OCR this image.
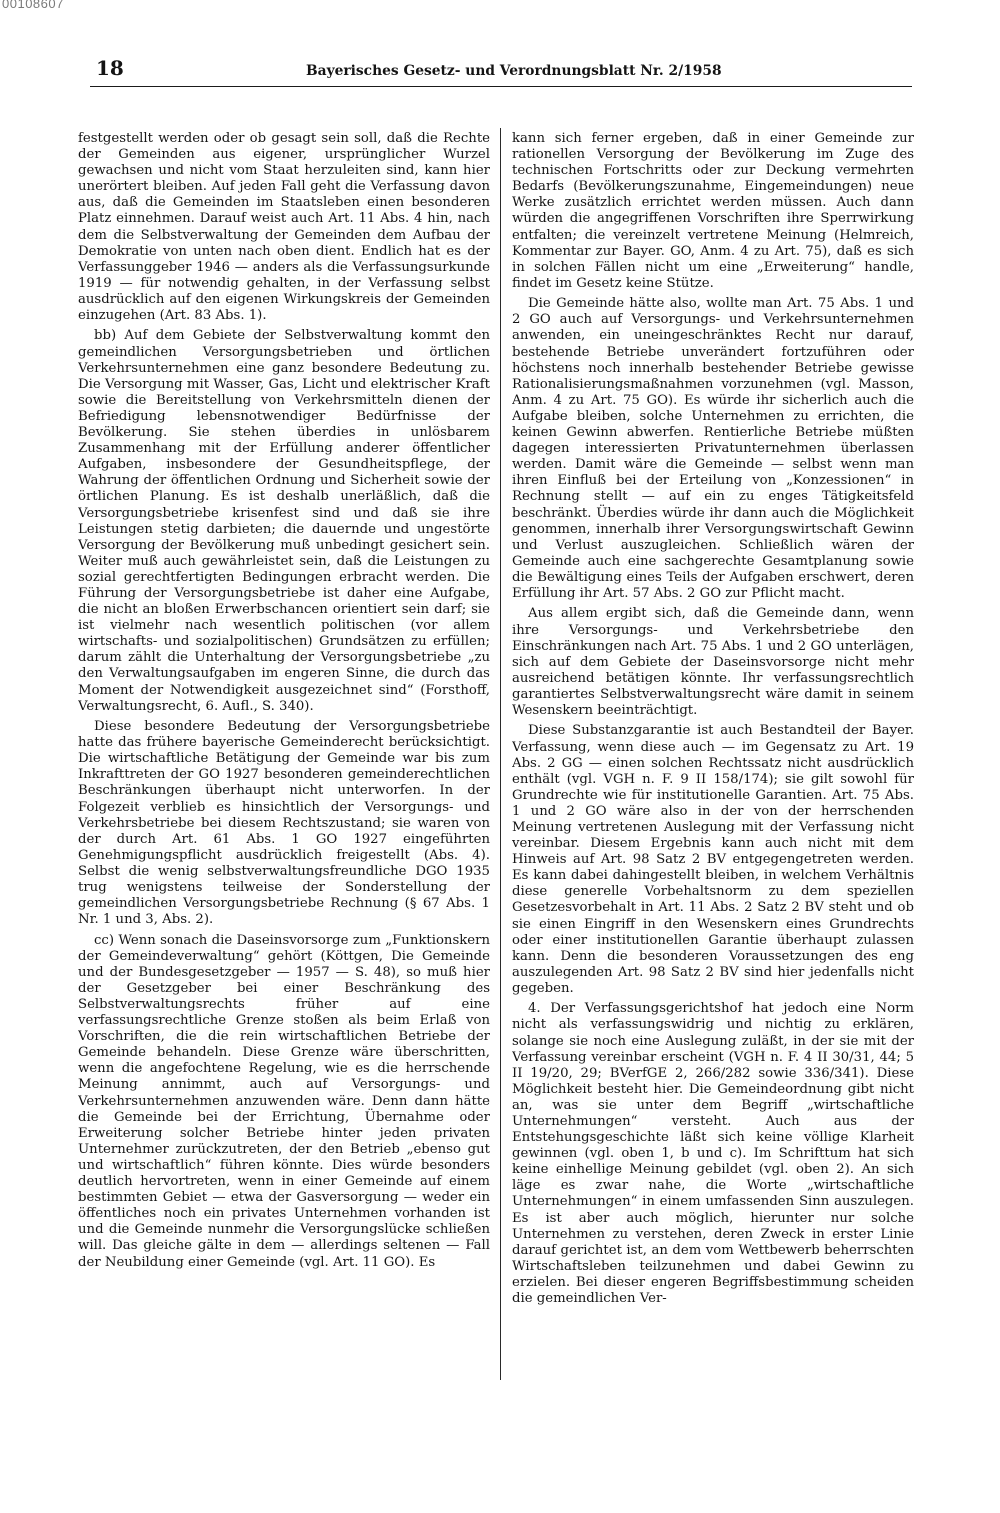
00108607
18	Bayerisches Gesetz- und Verordnungsblatt Nr. 2/1958

festgestellt werden oder ob gesagt sein soll, daß die Rechte der Gemeinden aus eigener, ursprünglicher Wurzel gewachsen und nicht vom Staat herzuleiten sind, kann hier unerörtert bleiben. Auf jeden Fall geht die Verfassung davon aus, daß die Gemeinden im Staatsleben einen besonderen Platz einnehmen. Darauf weist auch Art. 11 Abs. 4 hin, nach dem die Selbstverwaltung der Gemeinden dem Aufbau der Demokratie von unten nach oben dient. Endlich hat es der Verfassunggeber 1946 — anders als die Verfassungsurkunde 1919 — für notwendig gehalten, in der Verfassung selbst ausdrücklich auf den eigenen Wirkungskreis der Gemeinden einzugehen (Art. 83 Abs. 1).

bb) Auf dem Gebiete der Selbstverwaltung kommt den gemeindlichen Versorgungsbetrieben und örtlichen Verkehrsunternehmen eine ganz besondere Bedeutung zu. Die Versorgung mit Wasser, Gas, Licht und elektrischer Kraft sowie die Bereitstellung von Verkehrsmitteln dienen der Befriedigung lebensnotwendiger Bedürfnisse der Bevölkerung. Sie stehen überdies in unlösbarem Zusammenhang mit der Erfüllung anderer öffentlicher Aufgaben, insbesondere der Gesundheitspflege, der Wahrung der öffentlichen Ordnung und Sicherheit sowie der örtlichen Planung. Es ist deshalb unerläßlich, daß die Versorgungsbetriebe krisenfest sind und daß sie ihre Leistungen stetig darbieten; die dauernde und ungestörte Versorgung der Bevölkerung muß unbedingt gesichert sein. Weiter muß auch gewährleistet sein, daß die Leistungen zu sozial gerechtfertigten Bedingungen erbracht werden. Die Führung der Versorgungsbetriebe ist daher eine Aufgabe, die nicht an bloßen Erwerbschancen orientiert sein darf; sie ist vielmehr nach wesentlich politischen (vor allem wirtschafts- und sozialpolitischen) Grundsätzen zu erfüllen; darum zählt die Unterhaltung der Versorgungsbetriebe „zu den Verwaltungsaufgaben im engeren Sinne, die durch das Moment der Notwendigkeit ausgezeichnet sind“ (Forsthoff, Verwaltungsrecht, 6. Aufl., S. 340).

Diese besondere Bedeutung der Versorgungsbetriebe hatte das frühere bayerische Gemeinderecht berücksichtigt. Die wirtschaftliche Betätigung der Gemeinde war bis zum Inkrafttreten der GO 1927 besonderen gemeinderechtlichen Beschränkungen überhaupt nicht unterworfen. In der Folgezeit verblieb es hinsichtlich der Versorgungs- und Verkehrsbetriebe bei diesem Rechtszustand; sie waren von der durch Art. 61 Abs. 1 GO 1927 eingeführten Genehmigungspflicht ausdrücklich freigestellt (Abs. 4). Selbst die wenig selbstverwaltungsfreundliche DGO 1935 trug wenigstens teilweise der Sonderstellung der gemeindlichen Versorgungsbetriebe Rechnung (§ 67 Abs. 1 Nr. 1 und 3, Abs. 2).

cc) Wenn sonach die Daseinsvorsorge zum „Funktionskern der Gemeindeverwaltung“ gehört (Köttgen, Die Gemeinde und der Bundesgesetzgeber — 1957 — S. 48), so muß hier der Gesetzgeber bei einer Beschränkung des Selbstverwaltungsrechts früher auf eine verfassungsrechtliche Grenze stoßen als beim Erlaß von Vorschriften, die die rein wirtschaftlichen Betriebe der Gemeinde behandeln. Diese Grenze wäre überschritten, wenn die angefochtene Regelung, wie es die herrschende Meinung annimmt, auch auf Versorgungs- und Verkehrsunternehmen anzuwenden wäre. Denn dann hätte die Gemeinde bei der Errichtung, Übernahme oder Erweiterung solcher Betriebe hinter jeden privaten Unternehmer zurückzutreten, der den Betrieb „ebenso gut und wirtschaftlich“ führen könnte. Dies würde besonders deutlich hervortreten, wenn in einer Gemeinde auf einem bestimmten Gebiet — etwa der Gasversorgung — weder ein öffentliches noch ein privates Unternehmen vorhanden ist und die Gemeinde nunmehr die Versorgungslücke schließen will. Das gleiche gälte in dem — allerdings seltenen — Fall der Neubildung einer Gemeinde (vgl. Art. 11 GO). Es

kann sich ferner ergeben, daß in einer Gemeinde zur rationellen Versorgung der Bevölkerung im Zuge des technischen Fortschritts oder zur Deckung vermehrten Bedarfs (Bevölkerungszunahme, Eingemeindungen) neue Werke zusätzlich errichtet werden müssen. Auch dann würden die angegriffenen Vorschriften ihre Sperrwirkung entfalten; die vereinzelt vertretene Meinung (Helmreich, Kommentar zur Bayer. GO, Anm. 4 zu Art. 75), daß es sich in solchen Fällen nicht um eine „Erweiterung“ handle, findet im Gesetz keine Stütze.

Die Gemeinde hätte also, wollte man Art. 75 Abs. 1 und 2 GO auch auf Versorgungs- und Verkehrsunternehmen anwenden, ein uneingeschränktes Recht nur darauf, bestehende Betriebe unverändert fortzuführen oder höchstens noch innerhalb bestehender Betriebe gewisse Rationalisierungsmaßnahmen vorzunehmen (vgl. Masson, Anm. 4 zu Art. 75 GO). Es würde ihr sicherlich auch die Aufgabe bleiben, solche Unternehmen zu errichten, die keinen Gewinn abwerfen. Rentierliche Betriebe müßten dagegen interessierten Privatunternehmen überlassen werden. Damit wäre die Gemeinde — selbst wenn man ihren Einfluß bei der Erteilung von „Konzessionen“ in Rechnung stellt — auf ein zu enges Tätigkeitsfeld beschränkt. Überdies würde ihr dann auch die Möglichkeit genommen, innerhalb ihrer Versorgungswirtschaft Gewinn und Verlust auszugleichen. Schließlich wären der Gemeinde auch eine sachgerechte Gesamtplanung sowie die Bewältigung eines Teils der Aufgaben erschwert, deren Erfüllung ihr Art. 57 Abs. 2 GO zur Pflicht macht.

Aus allem ergibt sich, daß die Gemeinde dann, wenn ihre Versorgungs- und Verkehrsbetriebe den Einschränkungen nach Art. 75 Abs. 1 und 2 GO unterlägen, sich auf dem Gebiete der Daseinsvorsorge nicht mehr ausreichend betätigen könnte. Ihr verfassungsrechtlich garantiertes Selbstverwaltungsrecht wäre damit in seinem Wesenskern beeinträchtigt.

Diese Substanzgarantie ist auch Bestandteil der Bayer. Verfassung, wenn diese auch — im Gegensatz zu Art. 19 Abs. 2 GG — einen solchen Rechtssatz nicht ausdrücklich enthält (vgl. VGH n. F. 9 II 158/174); sie gilt sowohl für Grundrechte wie für institutionelle Garantien. Art. 75 Abs. 1 und 2 GO wäre also in der von der herrschenden Meinung vertretenen Auslegung mit der Verfassung nicht vereinbar. Diesem Ergebnis kann auch nicht mit dem Hinweis auf Art. 98 Satz 2 BV entgegengetreten werden. Es kann dabei dahingestellt bleiben, in welchem Verhältnis diese generelle Vorbehaltsnorm zu dem speziellen Gesetzesvorbehalt in Art. 11 Abs. 2 Satz 2 BV steht und ob sie einen Eingriff in den Wesenskern eines Grundrechts oder einer institutionellen Garantie überhaupt zulassen kann. Denn die besonderen Voraussetzungen des eng auszulegenden Art. 98 Satz 2 BV sind hier jedenfalls nicht gegeben.

4. Der Verfassungsgerichtshof hat jedoch eine Norm nicht als verfassungswidrig und nichtig zu erklären, solange sie noch eine Auslegung zuläßt, in der sie mit der Verfassung vereinbar erscheint (VGH n. F. 4 II 30/31, 44; 5 II 19/20, 29; BVerfGE 2, 266/282 sowie 336/341). Diese Möglichkeit besteht hier. Die Gemeindeordnung gibt nicht an, was sie unter dem Begriff „wirtschaftliche Unternehmungen“ versteht. Auch aus der Entstehungsgeschichte läßt sich keine völlige Klarheit gewinnen (vgl. oben 1, b und c). Im Schrifttum hat sich keine einhellige Meinung gebildet (vgl. oben 2). An sich läge es zwar nahe, die Worte „wirtschaftliche Unternehmungen“ in einem umfassenden Sinn auszulegen. Es ist aber auch möglich, hierunter nur solche Unternehmen zu verstehen, deren Zweck in erster Linie darauf gerichtet ist, an dem vom Wettbewerb beherrschten Wirtschaftsleben teilzunehmen und dabei Gewinn zu erzielen. Bei dieser engeren Begriffsbestimmung scheiden die gemeindlichen Ver-
